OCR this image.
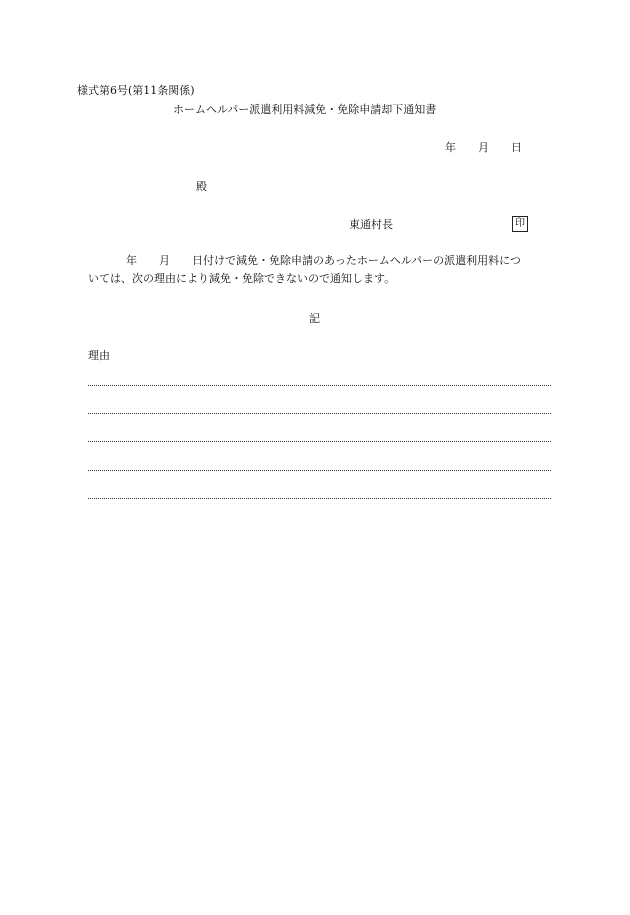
様式第6号(第11条関係)
ホームヘルパー派遣利用料減免・免除申請却下通知書
年 月 日
殿
東通村長	印
年 月 日付けで減免・免除申請のあったホームヘルパーの派遣利用料につ
いては、次の理由により減免・免除できないので通知します。
記
理由
